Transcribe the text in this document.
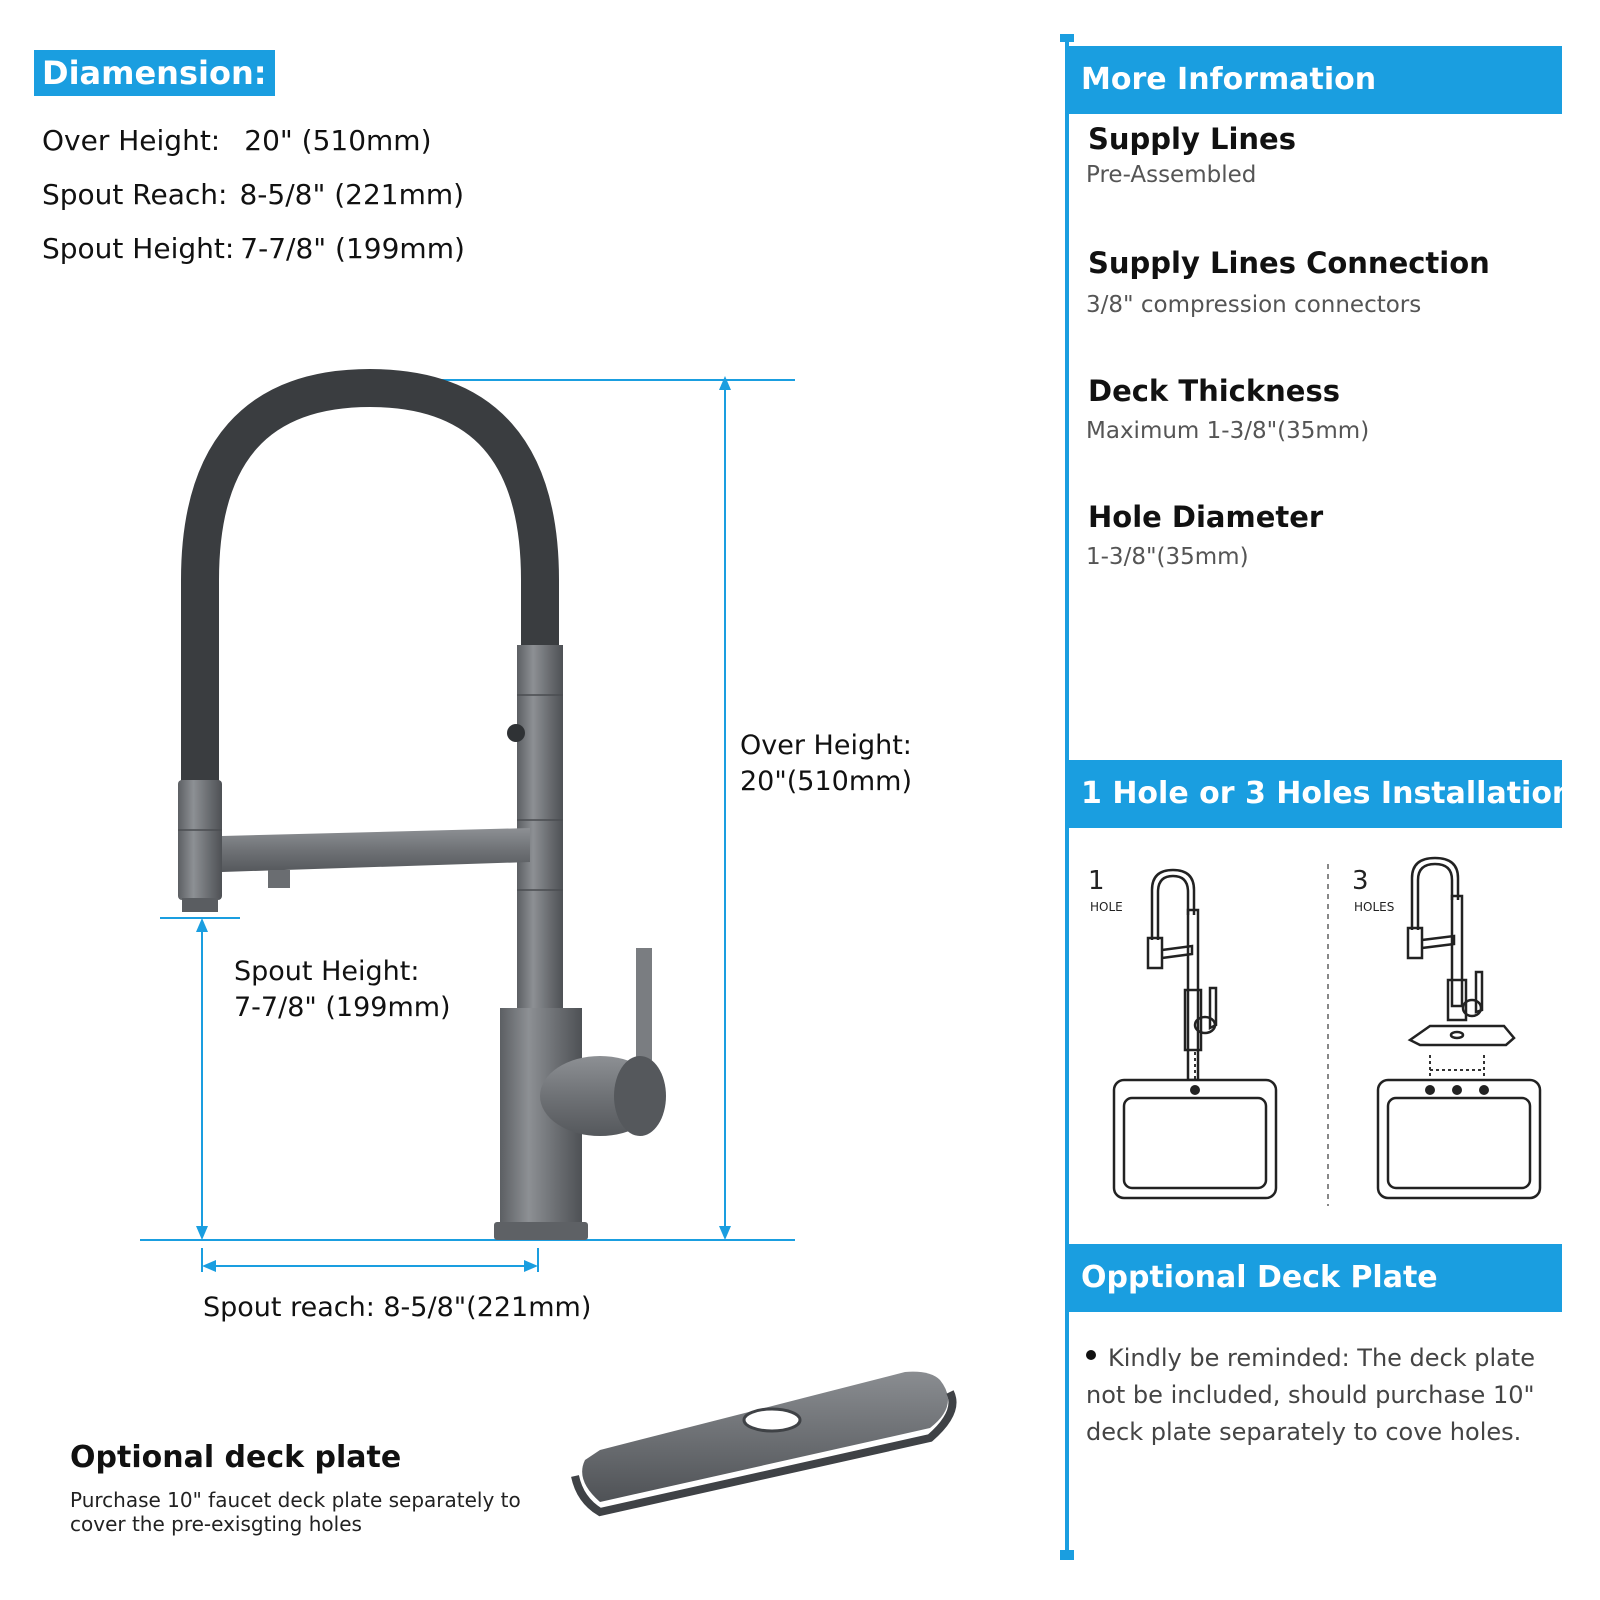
Diamension:
Over Height: 20" (510mm)
Spout Reach: 8-5/8" (221mm)
Spout Height: 7-7/8" (199mm)
Over Height:
20"(510mm)
Spout Height:
7-7/8" (199mm)
Spout reach: 8-5/8"(221mm)
Optional deck plate
Purchase 10" faucet deck plate separately to cover the pre-exisgting holes
More Information
Supply Lines
Pre-Assembled
Supply Lines Connection
3/8" compression connectors
Deck Thickness
Maximum 1-3/8"(35mm)
Hole Diameter
1-3/8"(35mm)
1 Hole or 3 Holes Installation
1
HOLE
3
HOLES
Opptional Deck Plate
Kindly be reminded: The deck plate not be included, should purchase 10" deck plate separately to cove holes.
